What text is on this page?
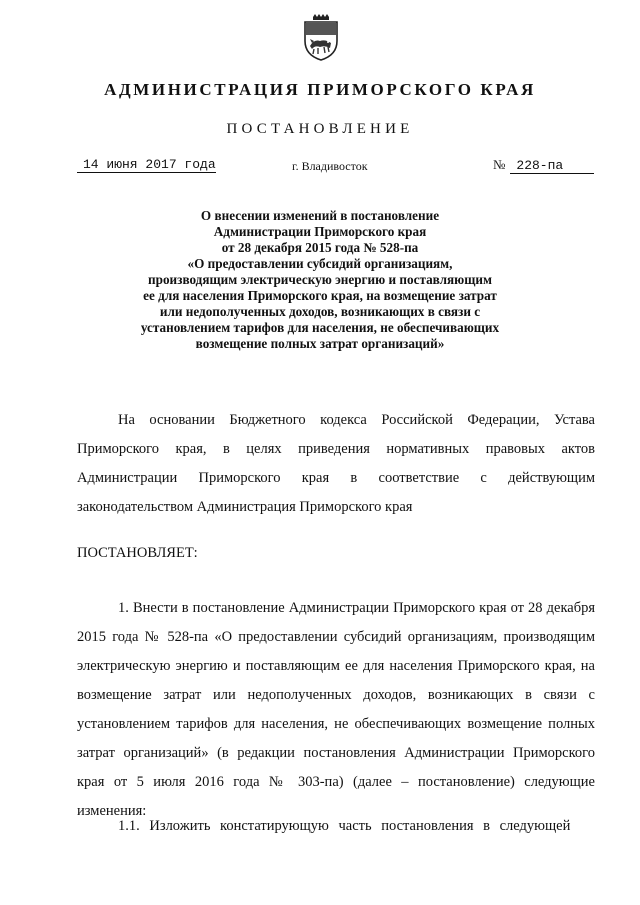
АДМИНИСТРАЦИЯ ПРИМОРСКОГО КРАЯ
ПОСТАНОВЛЕНИЕ
14 июня 2017 года	г. Владивосток	№ 228-па
О внесении изменений в постановление
Администрации Приморского края
от 28 декабря 2015 года № 528-па
«О предоставлении субсидий организациям,
производящим электрическую энергию и поставляющим
ее для населения Приморского края, на возмещение затрат
или недополученных доходов, возникающих в связи с
установлением тарифов для населения, не обеспечивающих
возмещение полных затрат организаций»
На основании Бюджетного кодекса Российской Федерации, Устава Приморского края, в целях приведения нормативных правовых актов Администрации Приморского края в соответствие с действующим законодательством Администрация Приморского края
ПОСТАНОВЛЯЕТ:
1. Внести в постановление Администрации Приморского края от 28 декабря 2015 года № 528-па «О предоставлении субсидий организациям, производящим электрическую энергию и поставляющим ее для населения Приморского края, на возмещение затрат или недополученных доходов, возникающих в связи с установлением тарифов для населения, не обеспечивающих возмещение полных затрат организаций» (в редакции постановления Администрации Приморского края от 5 июля 2016 года № 303-па) (далее – постановление) следующие изменения:
1.1. Изложить констатирующую часть постановления в следующей
